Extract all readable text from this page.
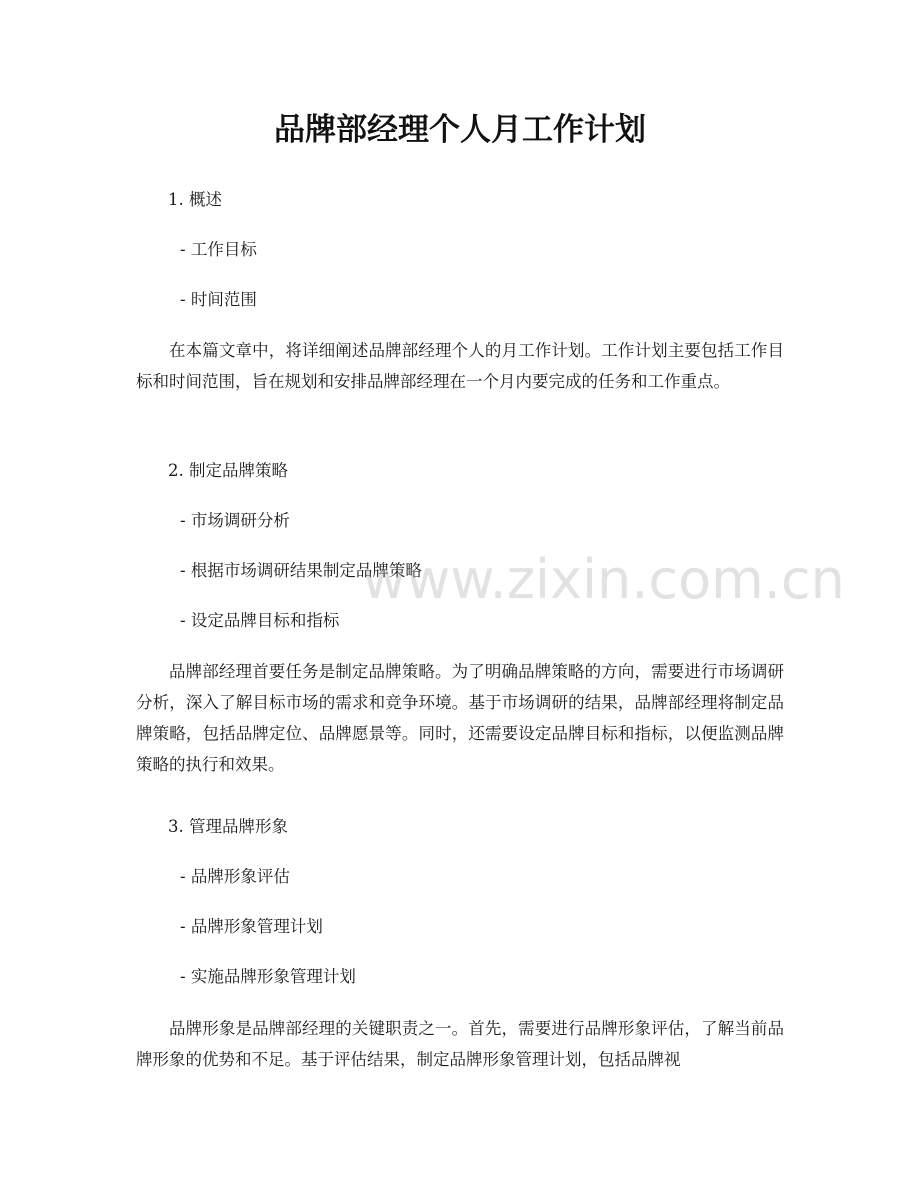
品牌部经理个人月工作计划
1. 概述
- 工作目标
- 时间范围

在本篇文章中，将详细阐述品牌部经理个人的月工作计划。工作计划主要包括工作目标和时间范围，旨在规划和安排品牌部经理在一个月内要完成的任务和工作重点。

2. 制定品牌策略
- 市场调研分析
- 根据市场调研结果制定品牌策略
- 设定品牌目标和指标

品牌部经理首要任务是制定品牌策略。为了明确品牌策略的方向，需要进行市场调研分析，深入了解目标市场的需求和竞争环境。基于市场调研的结果，品牌部经理将制定品牌策略，包括品牌定位、品牌愿景等。同时，还需要设定品牌目标和指标，以便监测品牌策略的执行和效果。

3. 管理品牌形象
- 品牌形象评估
- 品牌形象管理计划
- 实施品牌形象管理计划

品牌形象是品牌部经理的关键职责之一。首先，需要进行品牌形象评估，了解当前品牌形象的优势和不足。基于评估结果，制定品牌形象管理计划，包括品牌视

www.zixin.com.cn
